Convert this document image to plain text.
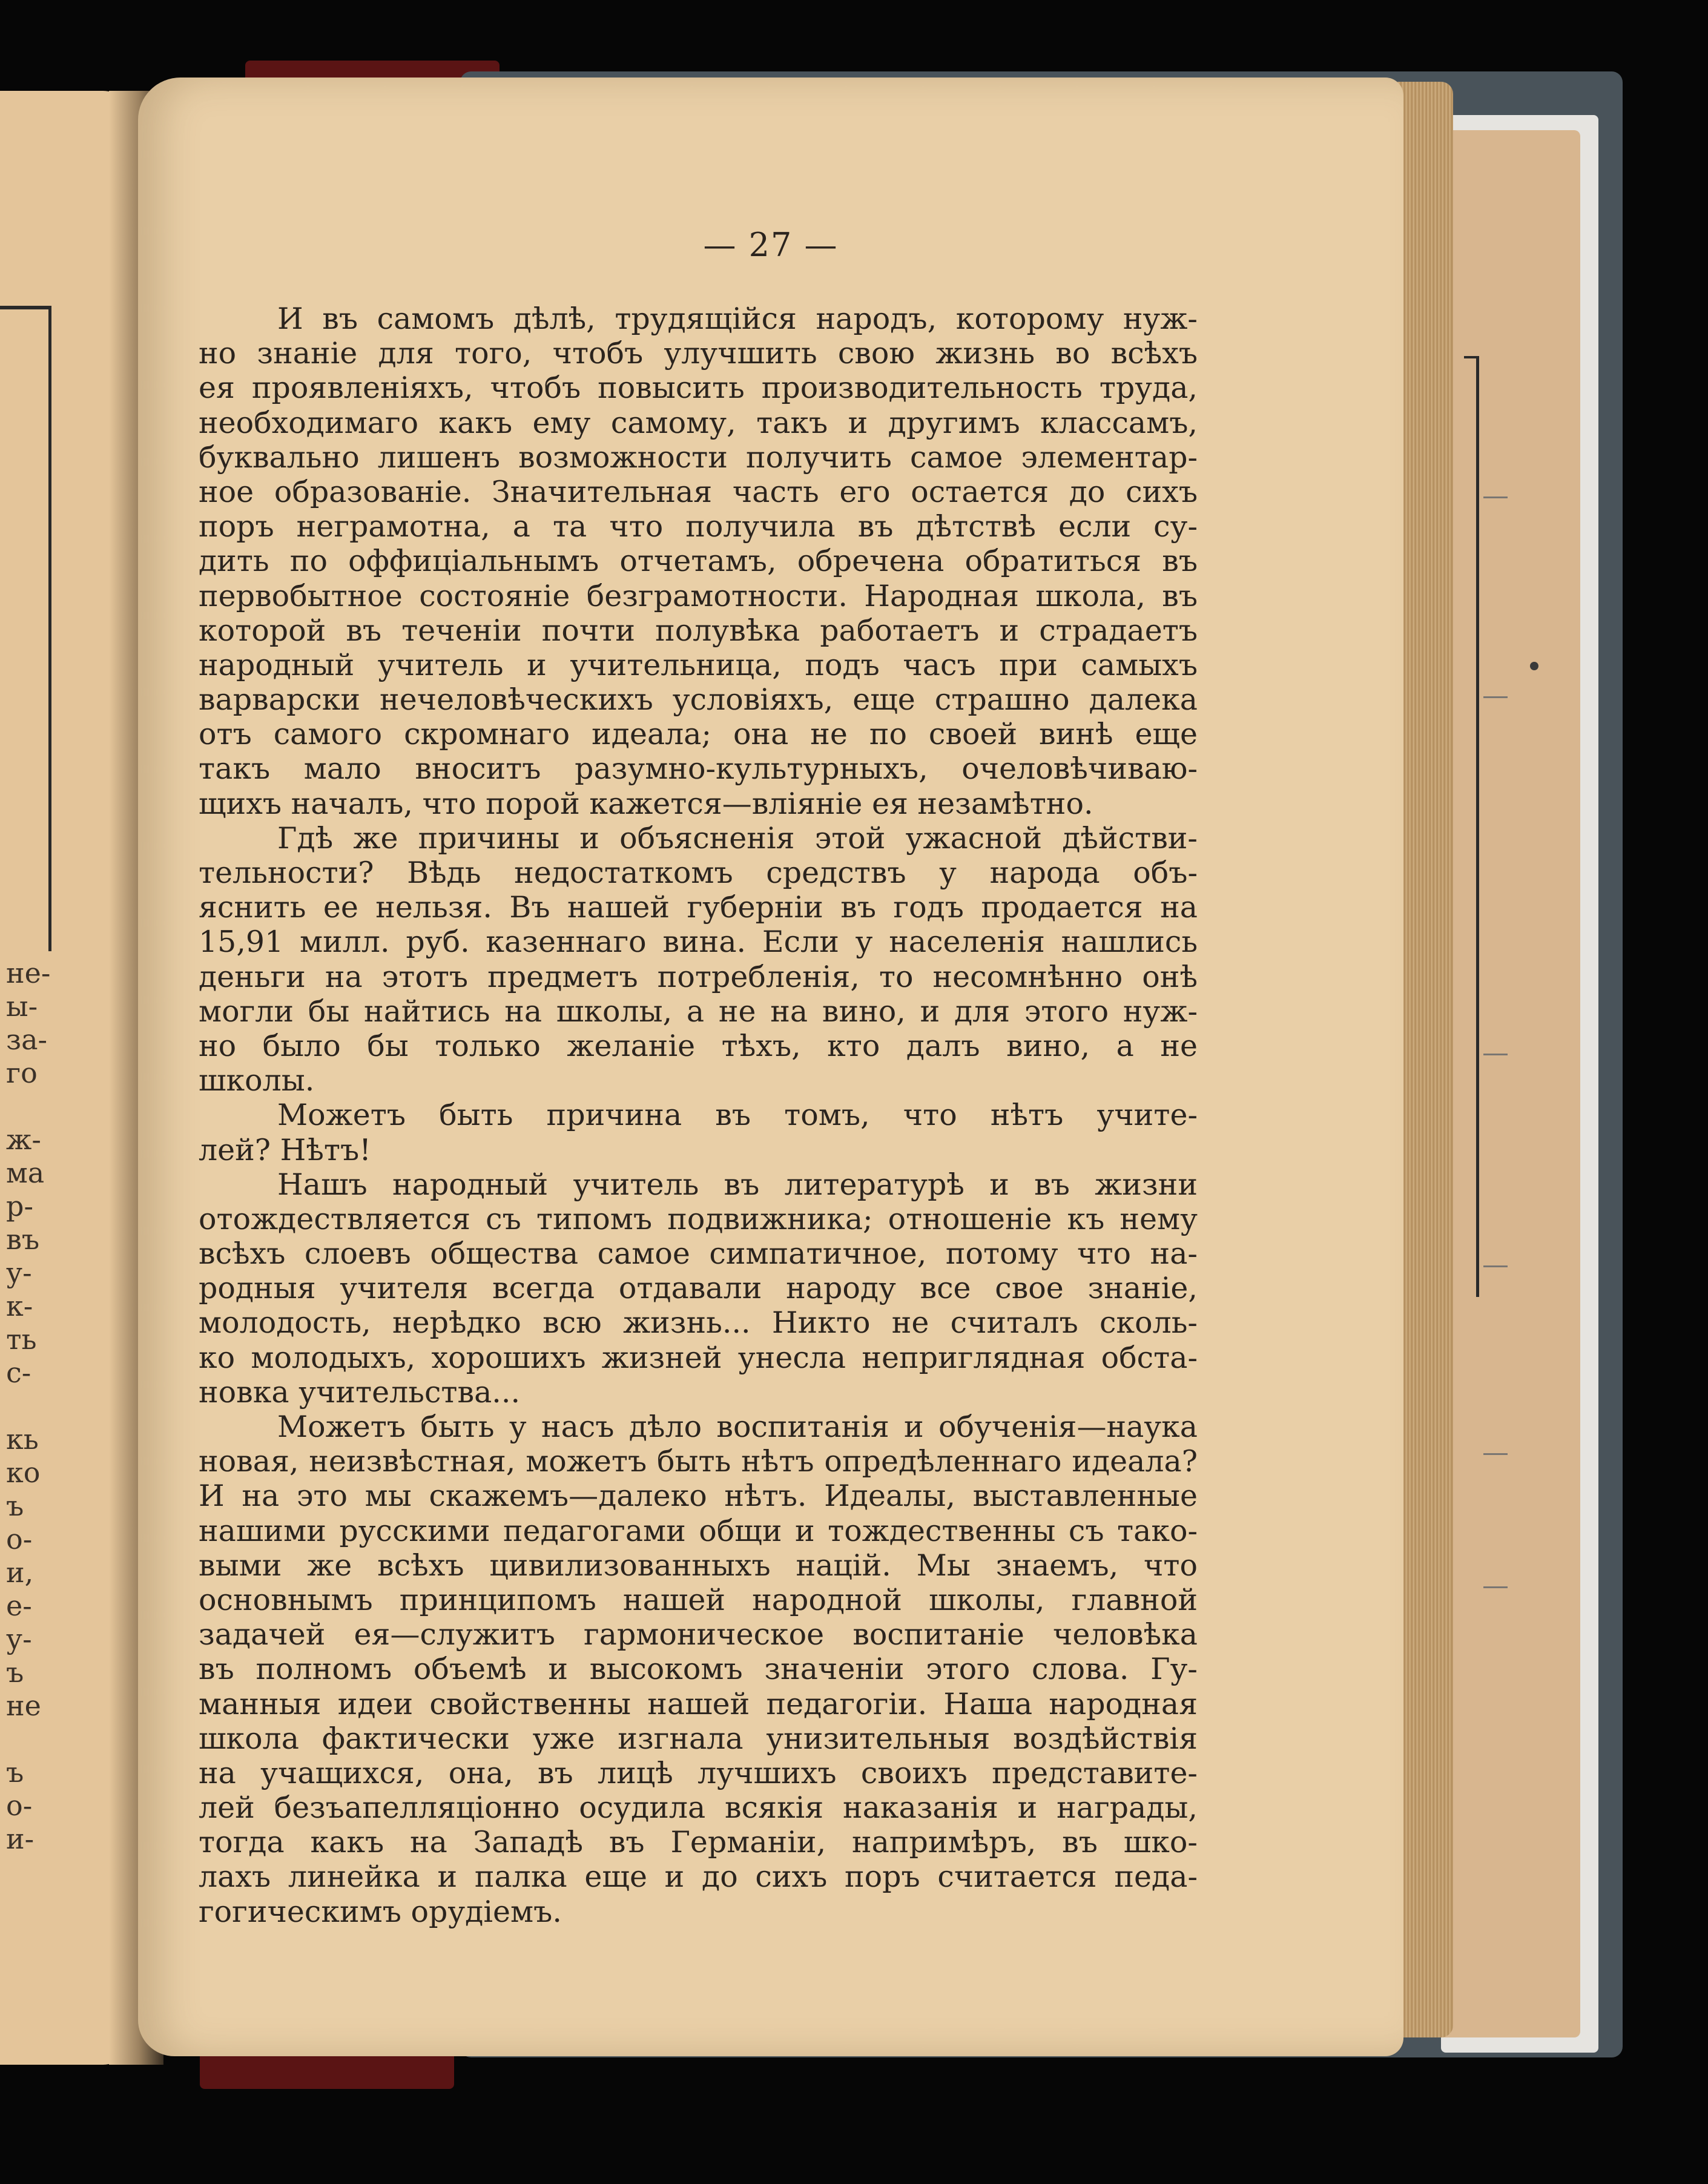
не-
ы-
за-
го
ж-
ма
р-
въ
у-
к-
ть
с-
кь
ко
ъ
о-
и,
е-
у-
ъ
не
ъ
о-
и-
— 27 —
И въ самомъ дѣлѣ, трудящійся народъ, которому нуж-
но знаніе для того, чтобъ улучшить свою жизнь во всѣхъ
ея проявленіяхъ, чтобъ повысить производительность труда,
необходимаго какъ ему самому, такъ и другимъ классамъ,
буквально лишенъ возможности получить самое элементар-
ное образованіе. Значительная часть его остается до сихъ
поръ неграмотна, а та что получила въ дѣтствѣ если су-
дить по оффиціальнымъ отчетамъ, обречена обратиться въ
первобытное состояніе безграмотности. Народная школа, въ
которой въ теченіи почти полувѣка работаетъ и страдаетъ
народный учитель и учительница, подъ часъ при самыхъ
варварски нечеловѣческихъ условіяхъ, еще страшно далека
отъ самого скромнаго идеала; она не по своей винѣ еще
такъ мало вноситъ разумно-культурныхъ, очеловѣчиваю-
щихъ началъ, что порой кажется—вліяніе ея незамѣтно.
Гдѣ же причины и объясненія этой ужасной дѣйстви-
тельности? Вѣдь недостаткомъ средствъ у народа объ-
яснить ее нельзя. Въ нашей губерніи въ годъ продается на
15,91 милл. руб. казеннаго вина. Если у населенія нашлись
деньги на этотъ предметъ потребленія, то несомнѣнно онѣ
могли бы найтись на школы, а не на вино, и для этого нуж-
но было бы только желаніе тѣхъ, кто далъ вино, а не
школы.
Можетъ быть причина въ томъ, что нѣтъ учите-
лей? Нѣтъ!
Нашъ народный учитель въ литературѣ и въ жизни
отождествляется съ типомъ подвижника; отношеніе къ нему
всѣхъ слоевъ общества самое симпатичное, потому что на-
родныя учителя всегда отдавали народу все свое знаніе,
молодость, нерѣдко всю жизнь... Никто не считалъ сколь-
ко молодыхъ, хорошихъ жизней унесла неприглядная обста-
новка учительства...
Можетъ быть у насъ дѣло воспитанія и обученія—наука
новая, неизвѣстная, можетъ быть нѣтъ опредѣленнаго идеала?
И на это мы скажемъ—далеко нѣтъ. Идеалы, выставленные
нашими русскими педагогами общи и тождественны съ тако-
выми же всѣхъ цивилизованныхъ націй. Мы знаемъ, что
основнымъ принципомъ нашей народной школы, главной
задачей ея—служитъ гармоническое воспитаніе человѣка
въ полномъ объемѣ и высокомъ значеніи этого слова. Гу-
манныя идеи свойственны нашей педагогіи. Наша народная
школа фактически уже изгнала унизительныя воздѣйствія
на учащихся, она, въ лицѣ лучшихъ своихъ представите-
лей безъапелляціонно осудила всякія наказанія и награды,
тогда какъ на Западѣ въ Германіи, напримѣръ, въ шко-
лахъ линейка и палка еще и до сихъ поръ считается педа-
гогическимъ орудіемъ.
